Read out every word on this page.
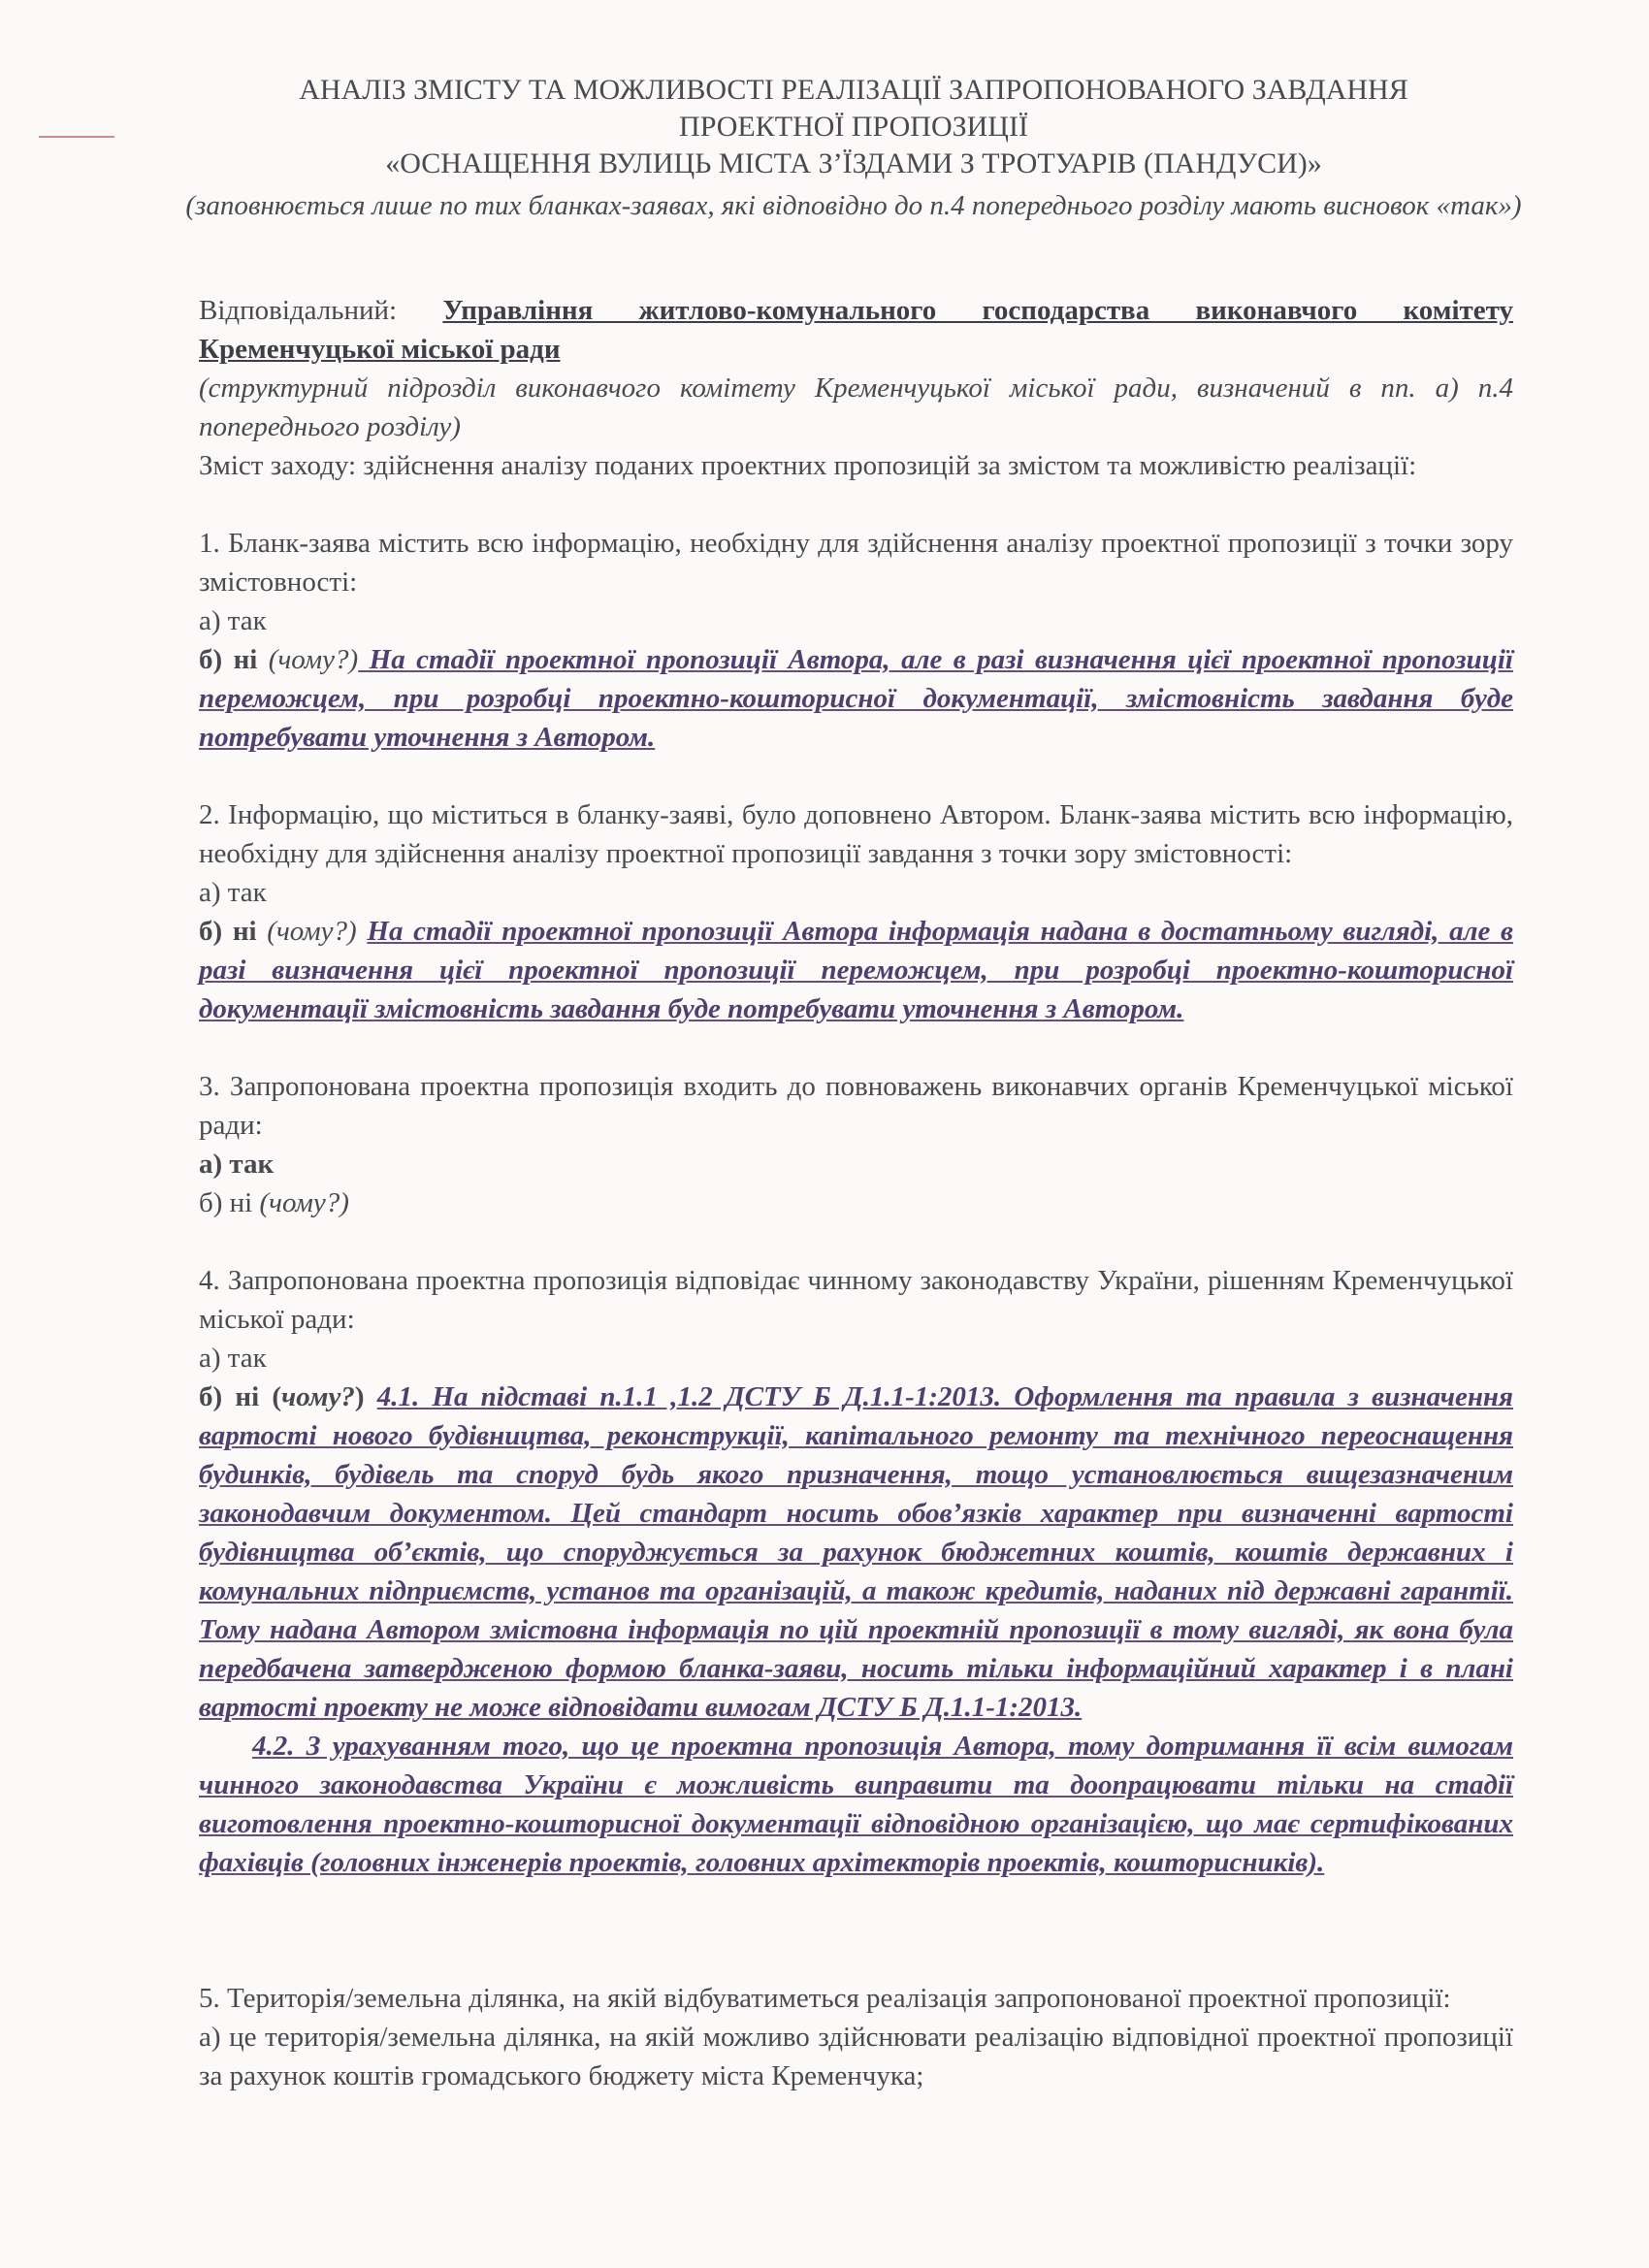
АНАЛІЗ ЗМІСТУ ТА МОЖЛИВОСТІ РЕАЛІЗАЦІЇ ЗАПРОПОНОВАНОГО ЗАВДАННЯ

ПРОЕКТНОЇ ПРОПОЗИЦІЇ

«ОСНАЩЕННЯ ВУЛИЦЬ МІСТА З’ЇЗДАМИ З ТРОТУАРІВ (ПАНДУСИ)»

(заповнюється лише по тих бланках-заявах, які відповідно до п.4 попереднього розділу мають висновок «так»)

Відповідальний: Управління житлово-комунального господарства виконавчого комітету Кременчуцької міської ради

(структурний підрозділ виконавчого комітету Кременчуцької міської ради, визначений в пп. а) п.4 попереднього розділу)

Зміст заходу: здійснення аналізу поданих проектних пропозицій за змістом та можливістю реалізації:

1. Бланк-заява містить всю інформацію, необхідну для здійснення аналізу проектної пропозиції з точки зору змістовності:

а) так

б) ні (чому?) На стадії проектної пропозиції Автора, але в разі визначення цієї проектної пропозиції переможцем, при розробці проектно-кошторисної документації, змістовність завдання буде потребувати уточнення з Автором.

2. Інформацію, що міститься в бланку-заяві, було доповнено Автором. Бланк-заява містить всю інформацію, необхідну для здійснення аналізу проектної пропозиції завдання з точки зору змістовності:

а) так

б) ні (чому?) На стадії проектної пропозиції Автора інформація надана в достатньому вигляді, але в разі визначення цієї проектної пропозиції переможцем, при розробці проектно-кошторисної документації змістовність завдання буде потребувати уточнення з Автором.

3. Запропонована проектна пропозиція входить до повноважень виконавчих органів Кременчуцької міської ради:

а) так

б) ні (чому?)

4. Запропонована проектна пропозиція відповідає чинному законодавству України, рішенням Кременчуцької міської ради:

а) так

б) ні (чому?) 4.1. На підставі п.1.1 ,1.2 ДСТУ Б Д.1.1-1:2013. Оформлення та правила з визначення вартості нового будівництва, реконструкції, капітального ремонту та технічного переоснащення будинків, будівель та споруд будь якого призначення, тощо установлюється вищезазначеним законодавчим документом. Цей стандарт носить обов’язків характер при визначенні вартості будівництва об’єктів, що споруджується за рахунок бюджетних коштів, коштів державних і комунальних підприємств, установ та організацій, а також кредитів, наданих під державні гарантії. Тому надана Автором змістовна інформація по цій проектній пропозиції в тому вигляді, як вона була передбачена затвердженою формою бланка-заяви, носить тільки інформаційний характер і в плані вартості проекту не може відповідати вимогам ДСТУ Б Д.1.1-1:2013.

4.2. З урахуванням того, що це проектна пропозиція Автора, тому дотримання її всім вимогам чинного законодавства України є можливість виправити та доопрацювати тільки на стадії виготовлення проектно-кошторисної документації відповідною організацією, що має сертифікованих фахівців (головних інженерів проектів, головних архітекторів проектів, кошторисників).

5. Територія/земельна ділянка, на якій відбуватиметься реалізація запропонованої проектної пропозиції:

а) це територія/земельна ділянка, на якій можливо здійснювати реалізацію відповідної проектної пропозиції за рахунок коштів громадського бюджету міста Кременчука;
